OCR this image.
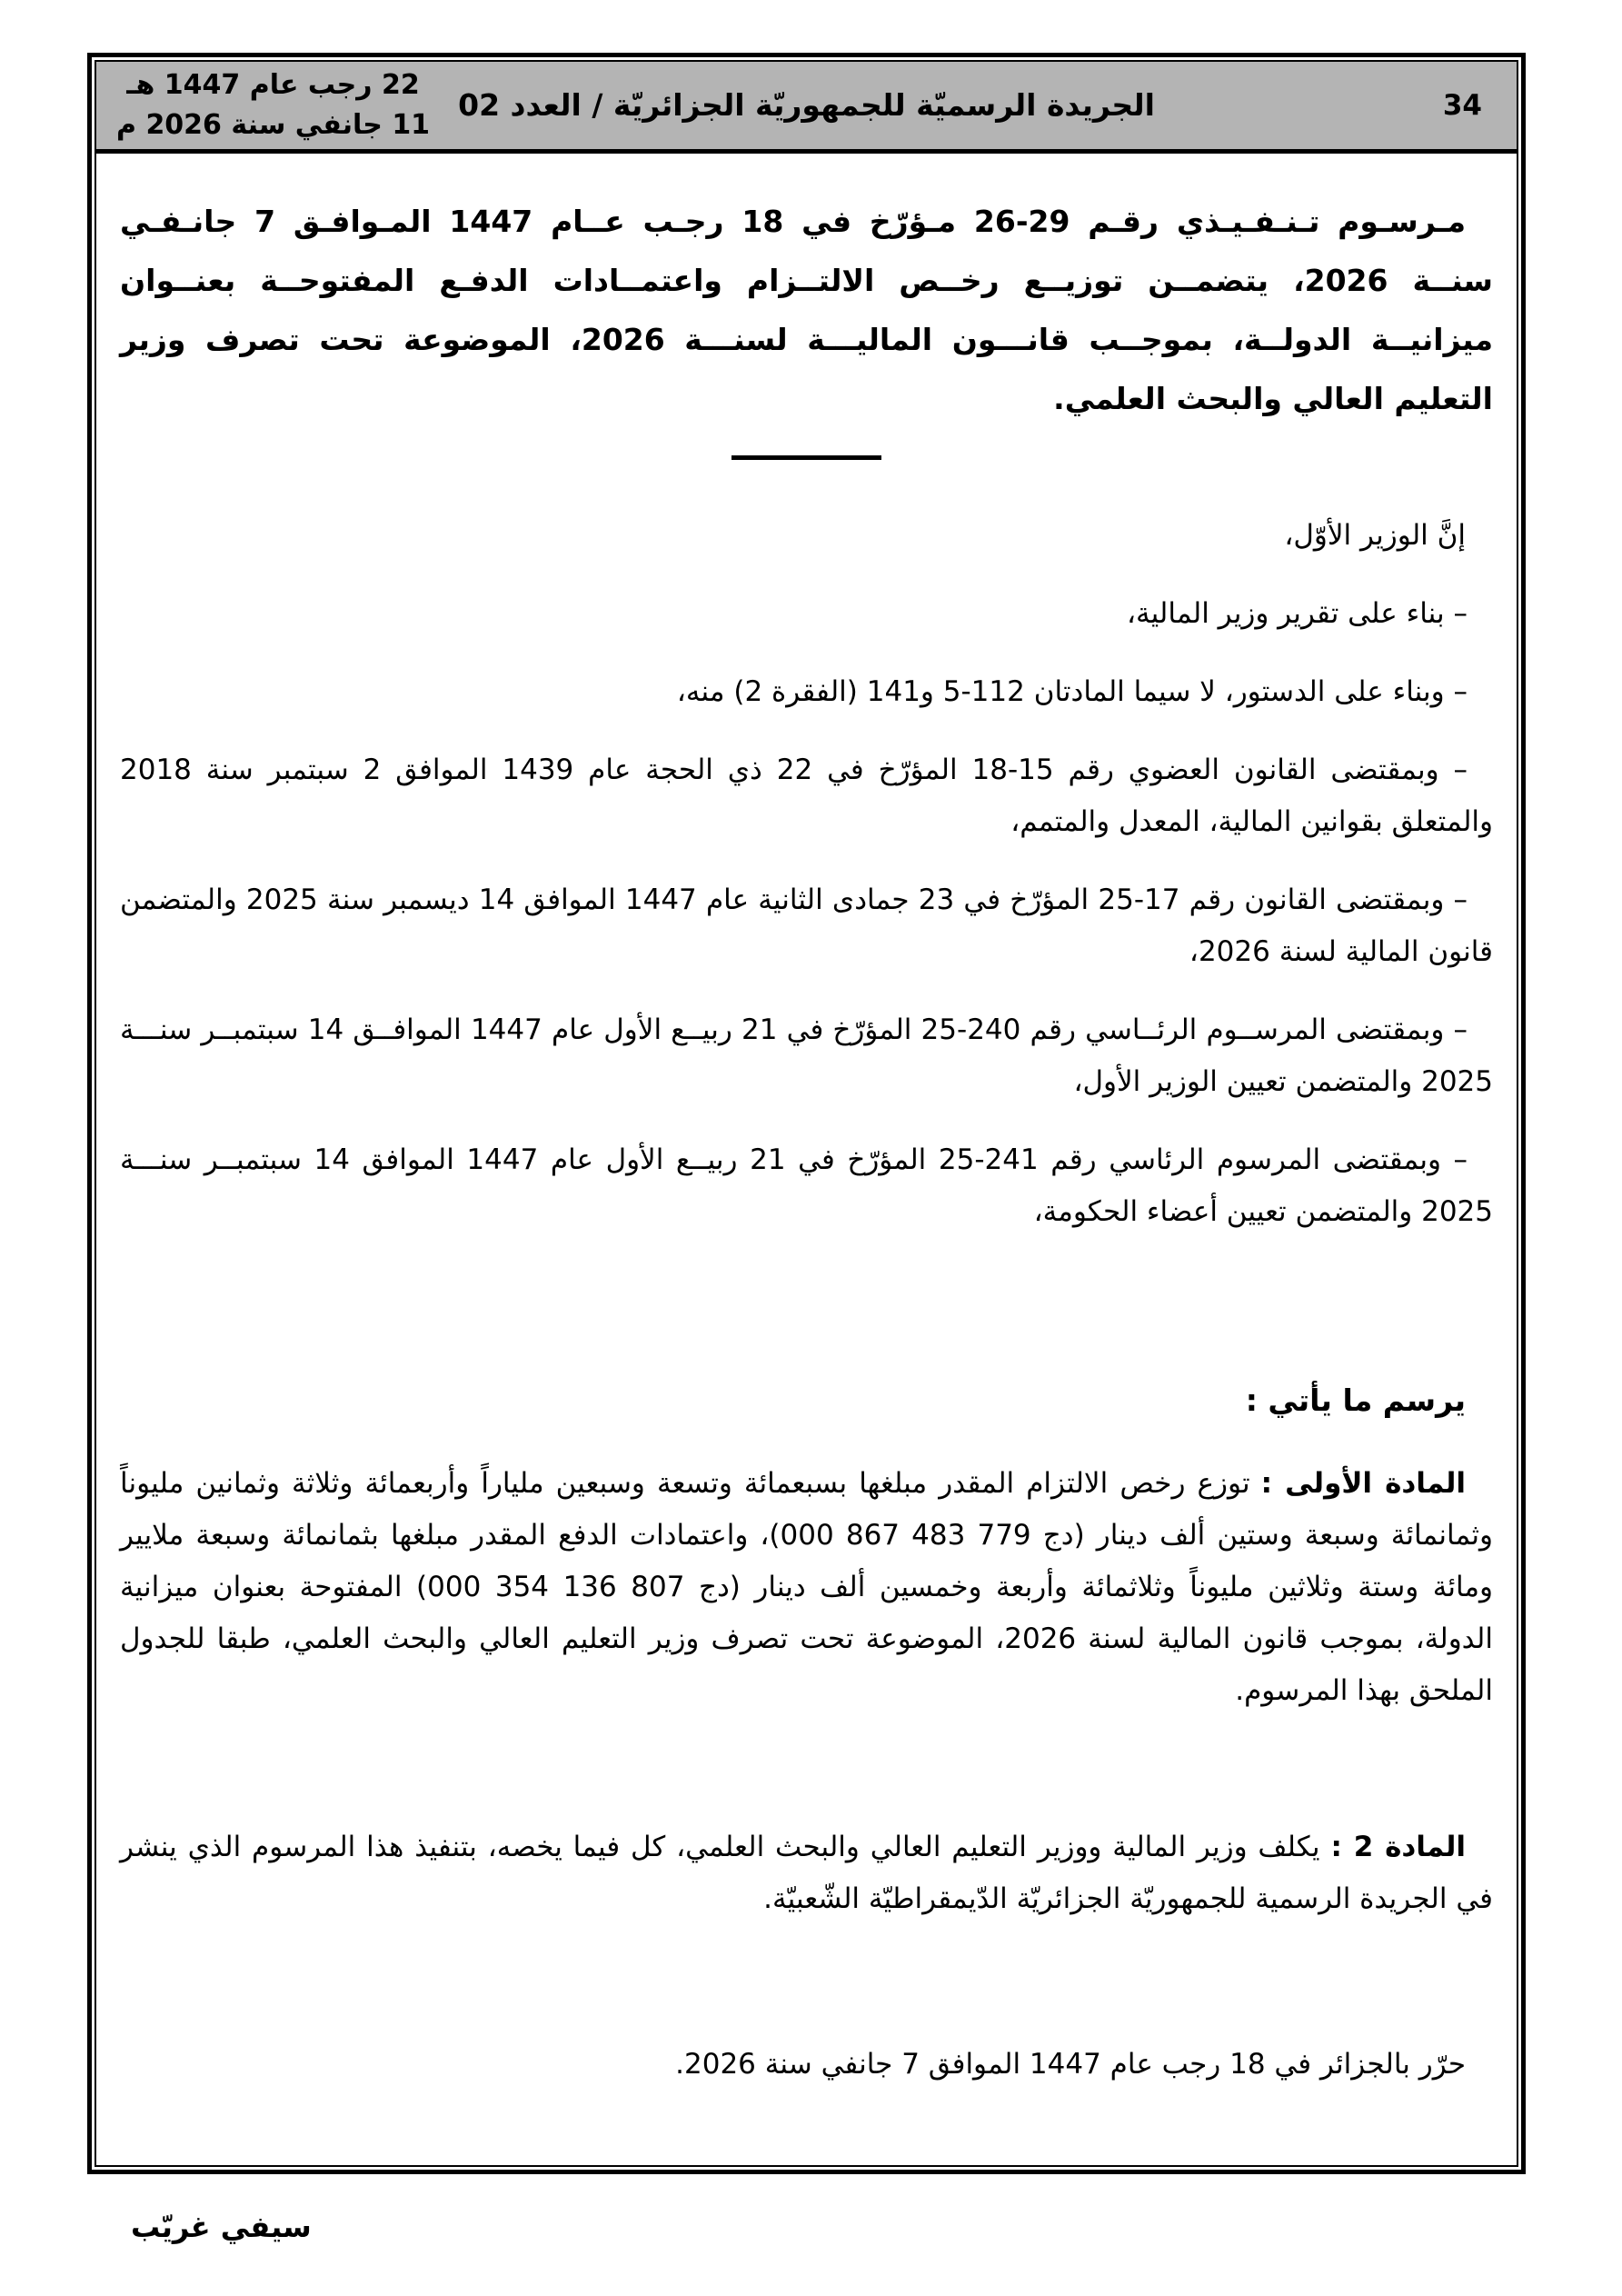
22 رجب عام 1447 هـ
11 جانفي سنة 2026 م
الجريدة الرسميّة للجمهوريّة الجزائريّة / العدد 02	34

مـرسـوم تـنـفـيـذي رقـم 29-26 مـؤرّخ في 18 رجـب عــام 1447 المـوافـق 7 جانـفـي سنــة 2026، يتضمــن توزيــع رخــص الالتــزام واعتمــادات الدفـع المفتوحــة بعنــوان ميزانيــة الدولــة، بموجــب قانـــون الماليـــة لسنـــة 2026، الموضوعة تحت تصرف وزير التعليم العالي والبحث العلمي.

إنَّ الوزير الأوّل،

– بناء على تقرير وزير المالية،

– وبناء على الدستور، لا سيما المادتان 112-5 و141 (الفقرة 2) منه،

– وبمقتضى القانون العضوي رقم 15-18 المؤرّخ في 22 ذي الحجة عام 1439 الموافق 2 سبتمبر سنة 2018 والمتعلق بقوانين المالية، المعدل والمتمم،

– وبمقتضى القانون رقم 17-25 المؤرّخ في 23 جمادى الثانية عام 1447 الموافق 14 ديسمبر سنة 2025 والمتضمن قانون المالية لسنة 2026،

– وبمقتضى المرســوم الرئــاسي رقم 240-25 المؤرّخ في 21 ربيــع الأول عام 1447 الموافــق 14 سبتمبــر سنـــة 2025 والمتضمن تعيين الوزير الأول،

– وبمقتضى المرسوم الرئاسي رقم 241-25 المؤرّخ في 21 ربيــع الأول عام 1447 الموافق 14 سبتمبــر سنـــة 2025 والمتضمن تعيين أعضاء الحكومة،

يرسم ما يأتي :

المادة الأولى :توزع رخص الالتزام المقدر مبلغها بسبعمائة وتسعة وسبعين ملياراً وأربعمائة وثلاثة وثمانين مليوناً وثمانمائة وسبعة وستين ألف دينار (دج 779 483 867 000)، واعتمادات الدفع المقدر مبلغها بثمانمائة وسبعة ملايير ومائة وستة وثلاثين مليوناً وثلاثمائة وأربعة وخمسين ألف دينار (دج 807 136 354 000) المفتوحة بعنوان ميزانية الدولة، بموجب قانون المالية لسنة 2026، الموضوعة تحت تصرف وزير التعليم العالي والبحث العلمي، طبقا للجدول الملحق بهذا المرسوم.

المادة 2 :يكلف وزير المالية ووزير التعليم العالي والبحث العلمي، كل فيما يخصه، بتنفيذ هذا المرسوم الذي ينشر في الجريدة الرسمية للجمهوريّة الجزائريّة الدّيمقراطيّة الشّعبيّة.

حرّر بالجزائر في 18 رجب عام 1447 الموافق 7 جانفي سنة 2026.

سيفي غريّب
